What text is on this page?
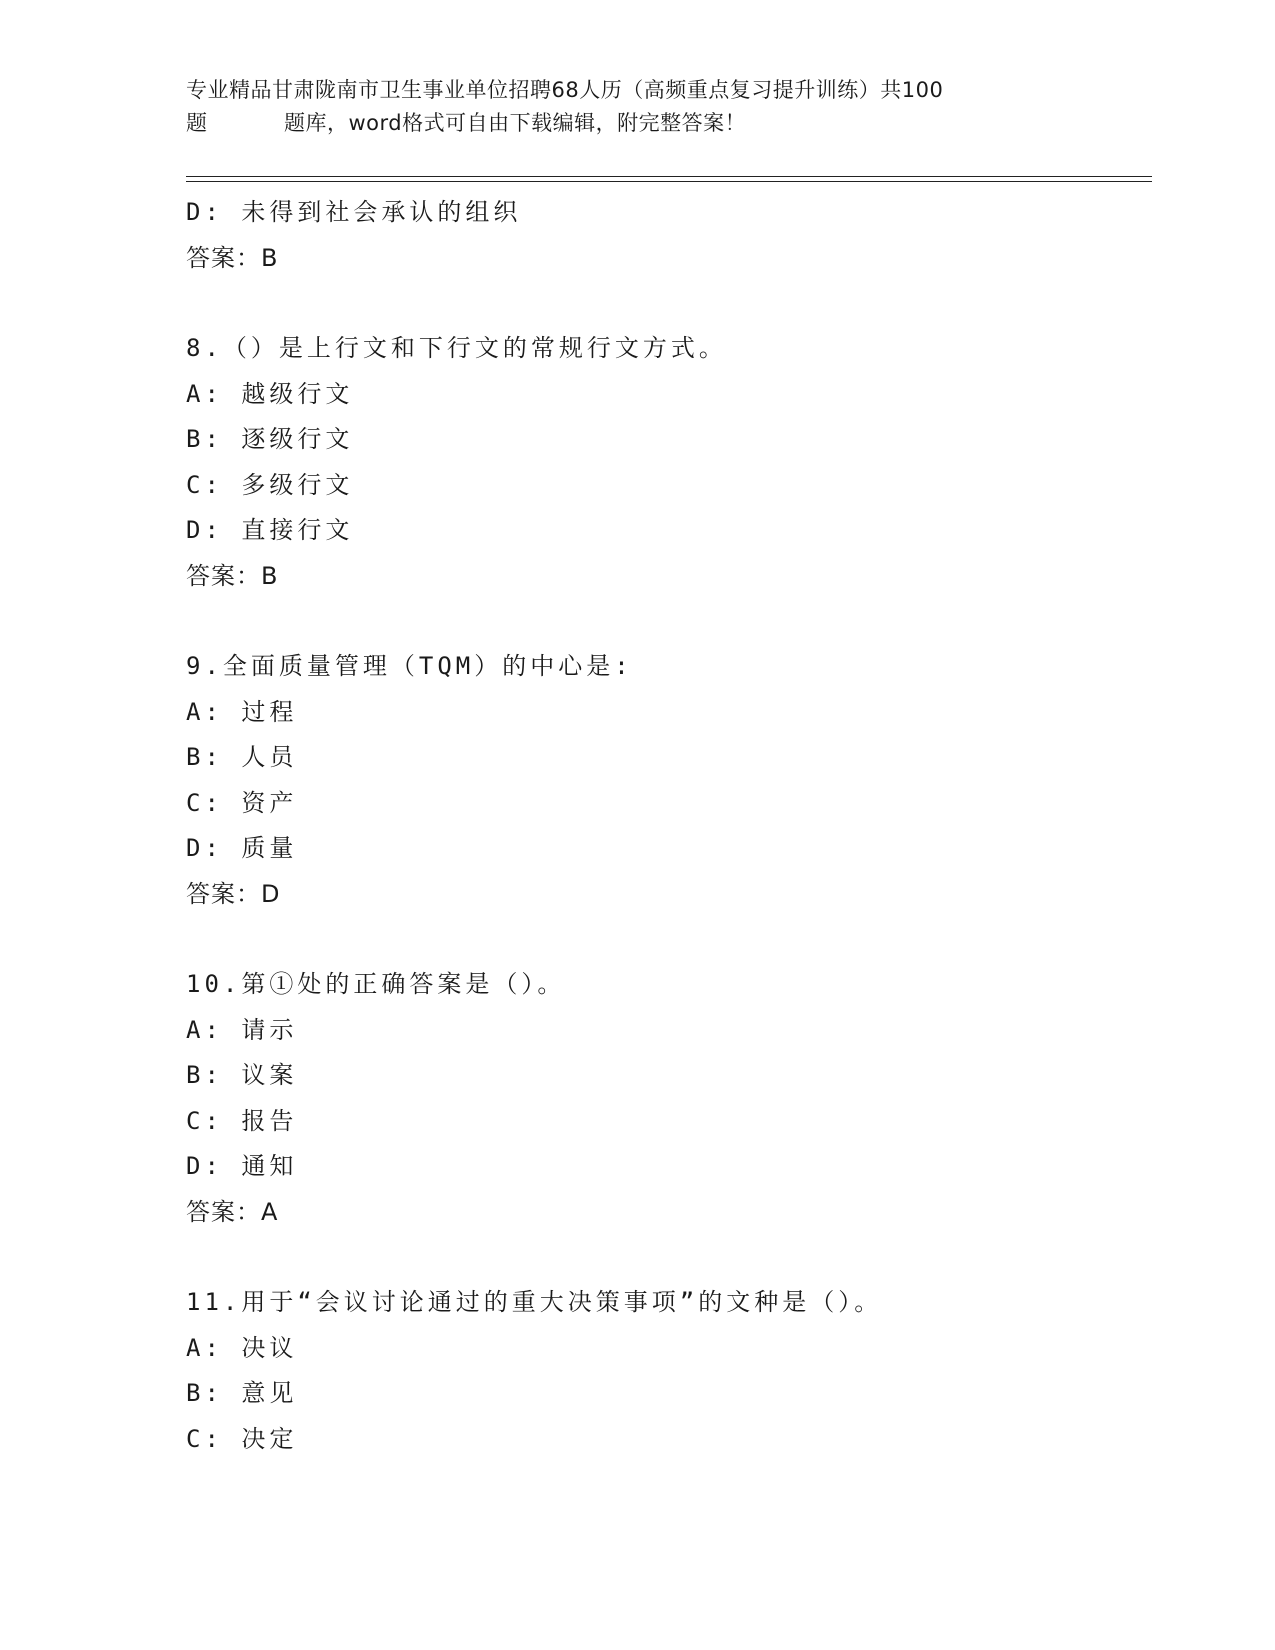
专业精品甘肃陇南市卫生事业单位招聘68人历（高频重点复习提升训练）共100
题	题库，word格式可自由下载编辑，附完整答案！
D: 未得到社会承认的组织
答案：B
8.（）是上行文和下行文的常规行文方式。
A: 越级行文
B: 逐级行文
C: 多级行文
D: 直接行文
答案：B
9.全面质量管理（TQM）的中心是:
A: 过程
B: 人员
C: 资产
D: 质量
答案：D
10.第①处的正确答案是（）。
A: 请示
B: 议案
C: 报告
D: 通知
答案：A
11.用于“会议讨论通过的重大决策事项”的文种是（）。
A: 决议
B: 意见
C: 决定
